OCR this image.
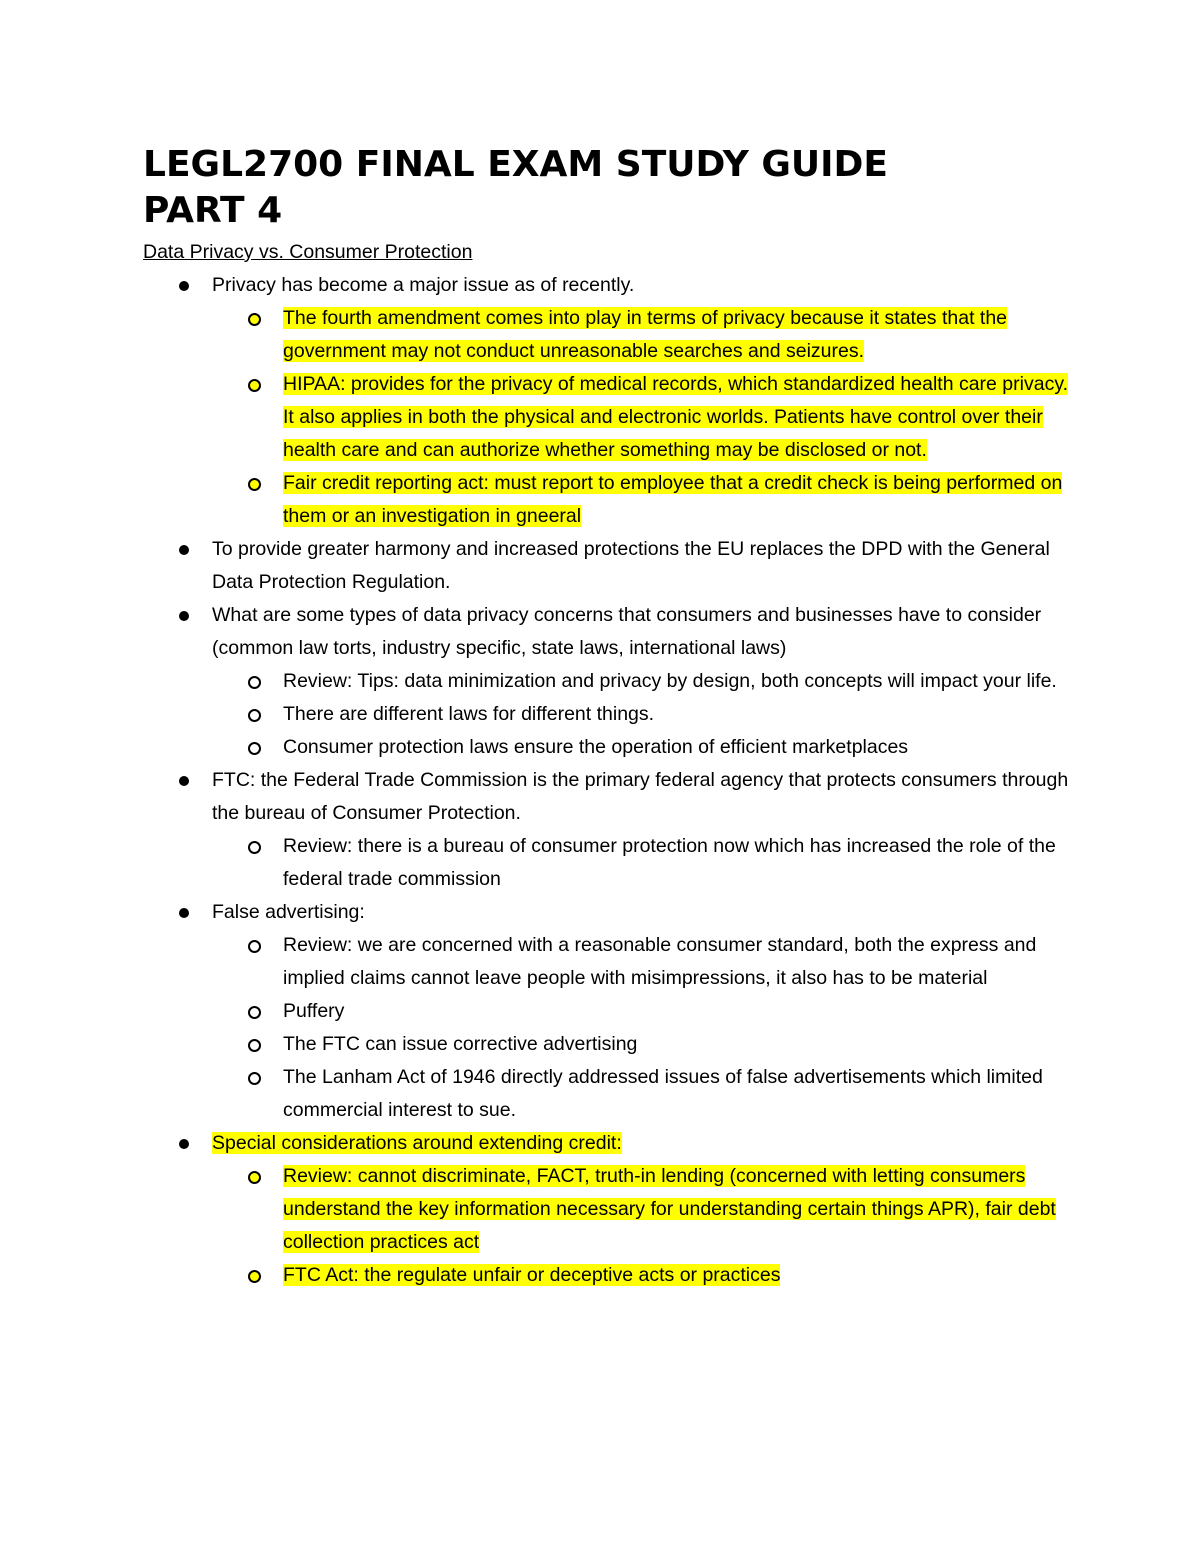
LEGL2700 FINAL EXAM STUDY GUIDE
PART 4
Data Privacy vs. Consumer Protection
Privacy has become a major issue as of recently.
The fourth amendment comes into play in terms of privacy because it states that the government may not conduct unreasonable searches and seizures.
HIPAA: provides for the privacy of medical records, which standardized health care privacy. It also applies in both the physical and electronic worlds. Patients have control over their health care and can authorize whether something may be disclosed or not.
Fair credit reporting act: must report to employee that a credit check is being performed on them or an investigation in gneeral
To provide greater harmony and increased protections the EU replaces the DPD with the General Data Protection Regulation.
What are some types of data privacy concerns that consumers and businesses have to consider (common law torts, industry specific, state laws, international laws)
Review: Tips: data minimization and privacy by design, both concepts will impact your life.
There are different laws for different things.
Consumer protection laws ensure the operation of efficient marketplaces
FTC: the Federal Trade Commission is the primary federal agency that protects consumers through the bureau of Consumer Protection.
Review: there is a bureau of consumer protection now which has increased the role of the federal trade commission
False advertising:
Review: we are concerned with a reasonable consumer standard, both the express and implied claims cannot leave people with misimpressions, it also has to be material
Puffery
The FTC can issue corrective advertising
The Lanham Act of 1946 directly addressed issues of false advertisements which limited commercial interest to sue.
Special considerations around extending credit:
Review: cannot discriminate, FACT, truth-in lending (concerned with letting consumers understand the key information necessary for understanding certain things APR), fair debt collection practices act
FTC Act: the regulate unfair or deceptive acts or practices
